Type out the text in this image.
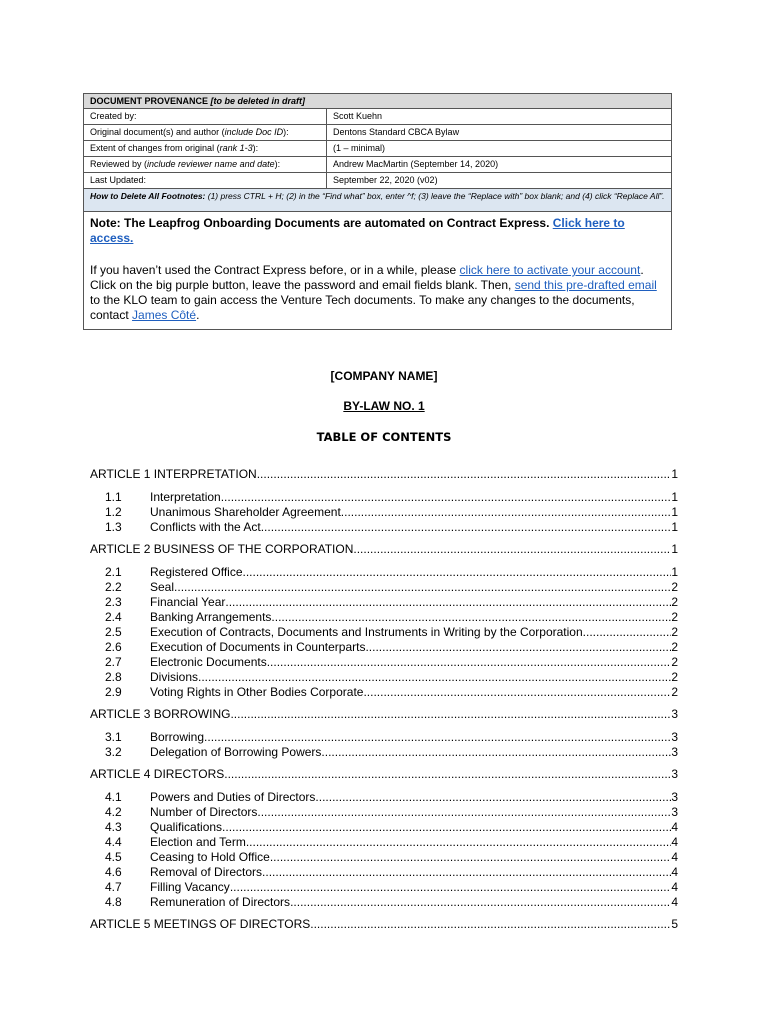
DOCUMENT PROVENANCE [to be deleted in draft]
Created by:	Scott Kuehn
Original document(s) and author (include Doc ID):	Dentons Standard CBCA Bylaw
Extent of changes from original (rank 1-3):	(1 – minimal)
Reviewed by (include reviewer name and date):	Andrew MacMartin (September 14, 2020)
Last Updated:	September 22, 2020 (v02)
How to Delete All Footnotes: (1) press CTRL + H; (2) in the “Find what” box, enter ^f; (3) leave the “Replace with” box blank; and (4) click “Replace All”.
Note: The Leapfrog Onboarding Documents are automated on Contract Express. Click here to access.
If you haven’t used the Contract Express before, or in a while, please click here to activate your account. Click on the big purple button, leave the password and email fields blank. Then, send this pre-drafted email to the KLO team to gain access the Venture Tech documents. To make any changes to the documents, contact James Côté.
[COMPANY NAME]
BY-LAW NO. 1
TABLE OF CONTENTS
ARTICLE 1 INTERPRETATION .....	1
1.1	Interpretation .....	1
1.2	Unanimous Shareholder Agreement .....	1
1.3	Conflicts with the Act .....	1
ARTICLE 2 BUSINESS OF THE CORPORATION .....	1
2.1	Registered Office .....	1
2.2	Seal .....	2
2.3	Financial Year .....	2
2.4	Banking Arrangements .....	2
2.5	Execution of Contracts, Documents and Instruments in Writing by the Corporation .....	2
2.6	Execution of Documents in Counterparts .....	2
2.7	Electronic Documents .....	2
2.8	Divisions .....	2
2.9	Voting Rights in Other Bodies Corporate .....	2
ARTICLE 3 BORROWING .....	3
3.1	Borrowing .....	3
3.2	Delegation of Borrowing Powers .....	3
ARTICLE 4 DIRECTORS .....	3
4.1	Powers and Duties of Directors .....	3
4.2	Number of Directors .....	3
4.3	Qualifications .....	4
4.4	Election and Term .....	4
4.5	Ceasing to Hold Office .....	4
4.6	Removal of Directors .....	4
4.7	Filling Vacancy .....	4
4.8	Remuneration of Directors .....	4
ARTICLE 5 MEETINGS OF DIRECTORS .....	5
